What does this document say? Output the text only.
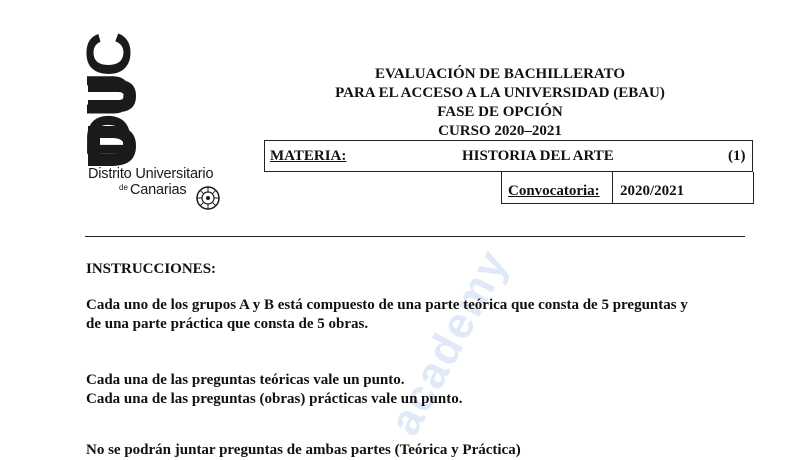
DUC
Distrito Universitario
de Canarias
EVALUACIÓN DE BACHILLERATO
PARA EL ACCESO A LA UNIVERSIDAD (EBAU)
FASE DE OPCIÓN
CURSO 2020–2021
MATERIA:	HISTORIA DEL ARTE	(1)
Convocatoria: 2020/2021
academy
INSTRUCCIONES:
Cada uno de los grupos A y B está compuesto de una parte teórica que consta de 5 preguntas y
de una parte práctica que consta de 5 obras.
Cada una de las preguntas teóricas vale un punto.
Cada una de las preguntas (obras) prácticas vale un punto.
No se podrán juntar preguntas de ambas partes (Teórica y Práctica)
